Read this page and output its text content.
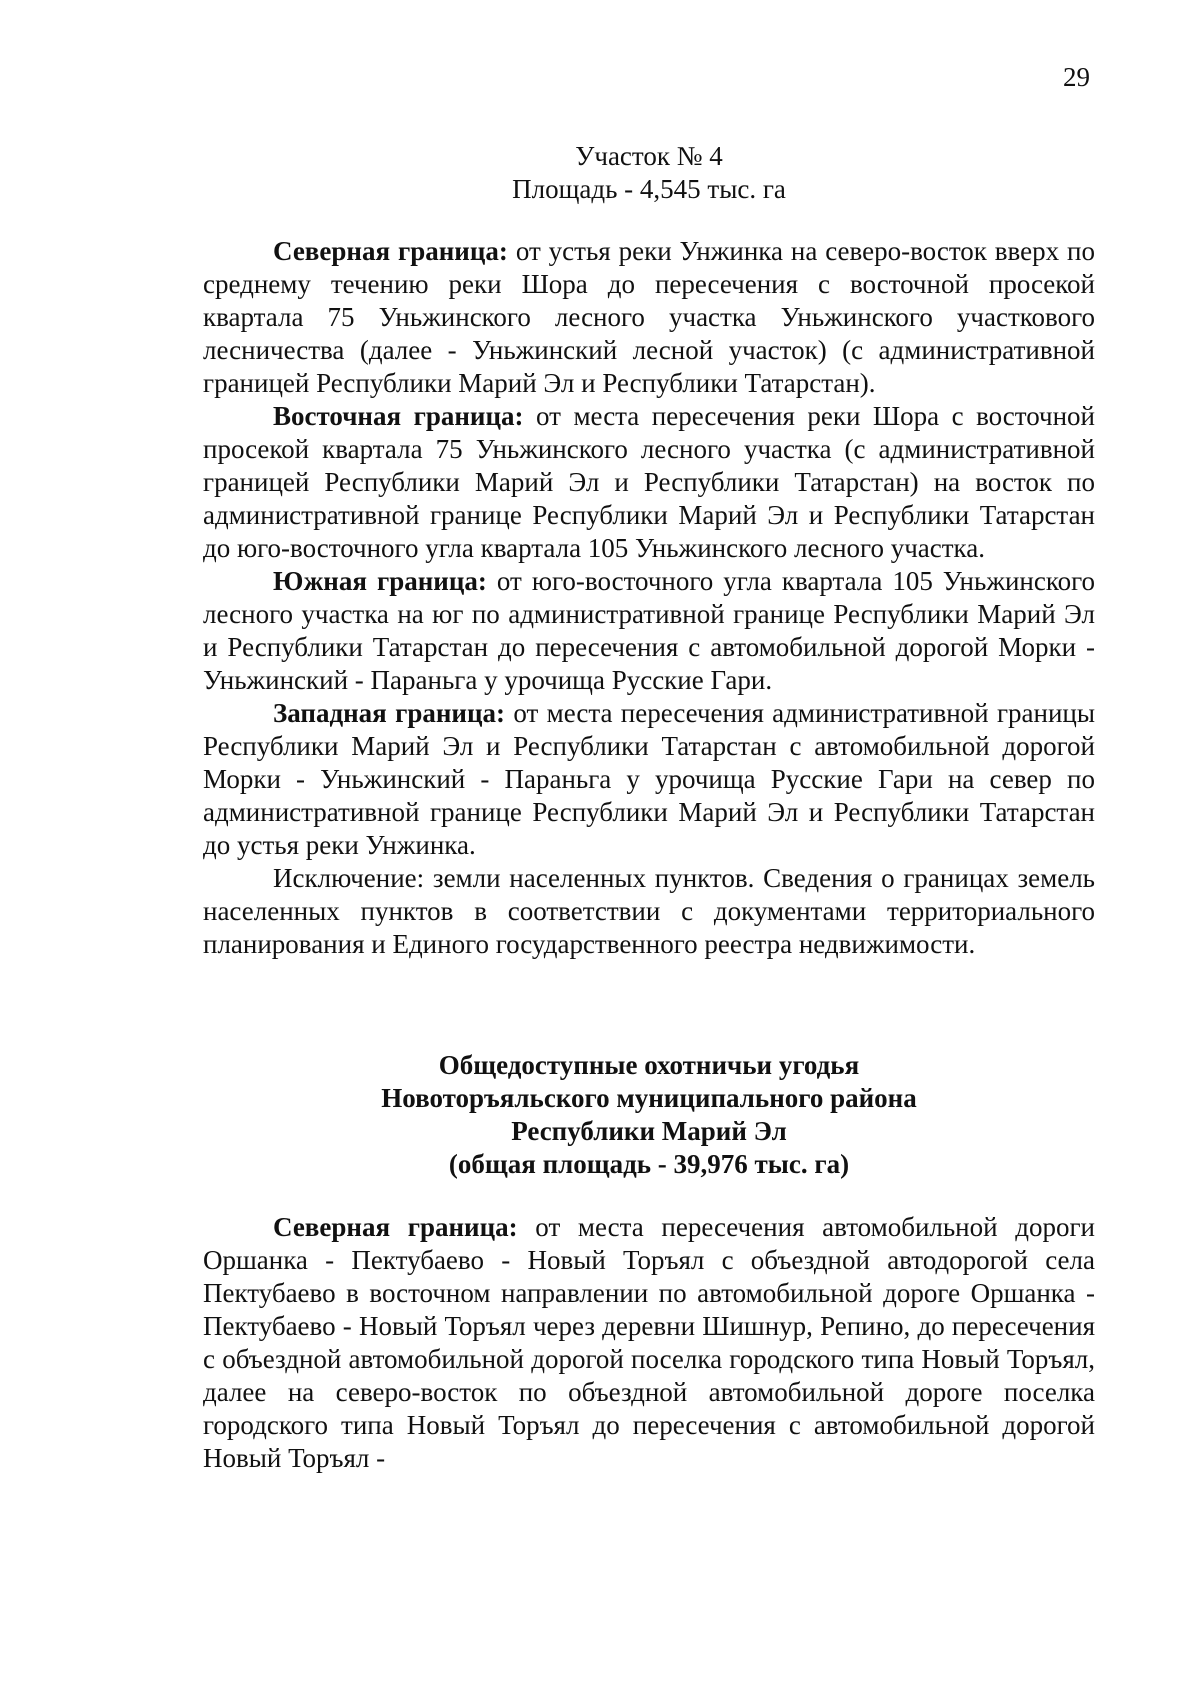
29
Участок № 4
Площадь - 4,545 тыс. га

Северная граница: от устья реки Унжинка на северо-восток вверх по среднему течению реки Шора до пересечения с восточной просекой квартала 75 Уньжинского лесного участка Уньжинского участкового лесничества (далее - Уньжинский лесной участок) (с административной границей Республики Марий Эл и Республики Татарстан).

Восточная граница: от места пересечения реки Шора с восточной просекой квартала 75 Уньжинского лесного участка (с административной границей Республики Марий Эл и Республики Татарстан) на восток по административной границе Республики Марий Эл и Республики Татарстан до юго-восточного угла квартала 105 Уньжинского лесного участка.

Южная граница: от юго-восточного угла квартала 105 Уньжинского лесного участка на юг по административной границе Республики Марий Эл и Республики Татарстан до пересечения с автомобильной дорогой Морки - Уньжинский - Параньга у урочища Русские Гари.

Западная граница: от места пересечения административной границы Республики Марий Эл и Республики Татарстан с автомобильной дорогой Морки - Уньжинский - Параньга у урочища Русские Гари на север по административной границе Республики Марий Эл и Республики Татарстан до устья реки Унжинка.

Исключение: земли населенных пунктов. Сведения о границах земель населенных пунктов в соответствии с документами территориального планирования и Единого государственного реестра недвижимости.

Общедоступные охотничьи угодья
Новоторъяльского муниципального района
Республики Марий Эл
(общая площадь - 39,976 тыс. га)

Северная граница: от места пересечения автомобильной дороги Оршанка - Пектубаево - Новый Торъял с объездной автодорогой села Пектубаево в восточном направлении по автомобильной дороге Оршанка - Пектубаево - Новый Торъял через деревни Шишнур, Репино, до пересечения с объездной автомобильной дорогой поселка городского типа Новый Торъял, далее на северо-восток по объездной автомобильной дороге поселка городского типа Новый Торъял до пересечения с автомобильной дорогой Новый Торъял -
